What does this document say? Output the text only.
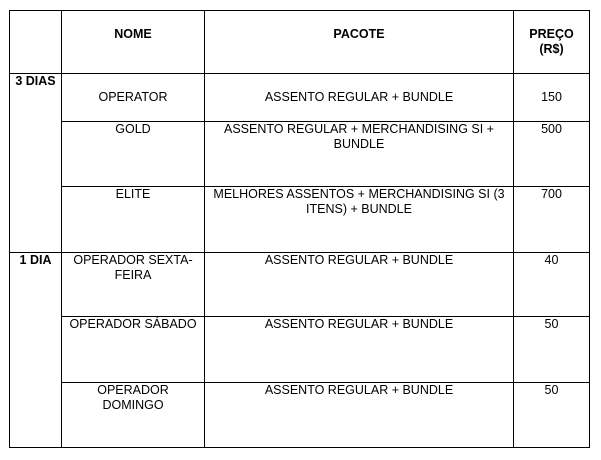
	NOME	PACOTE	PREÇO (R$)
3 DIAS	OPERATOR	ASSENTO REGULAR + BUNDLE	150
	GOLD	ASSENTO REGULAR + MERCHANDISING SI + BUNDLE	500
	ELITE	MELHORES ASSENTOS + MERCHANDISING SI (3 ITENS) + BUNDLE	700
1 DIA	OPERADOR SEXTA-FEIRA	ASSENTO REGULAR + BUNDLE	40
	OPERADOR SÁBADO	ASSENTO REGULAR + BUNDLE	50
	OPERADOR DOMINGO	ASSENTO REGULAR + BUNDLE	50
